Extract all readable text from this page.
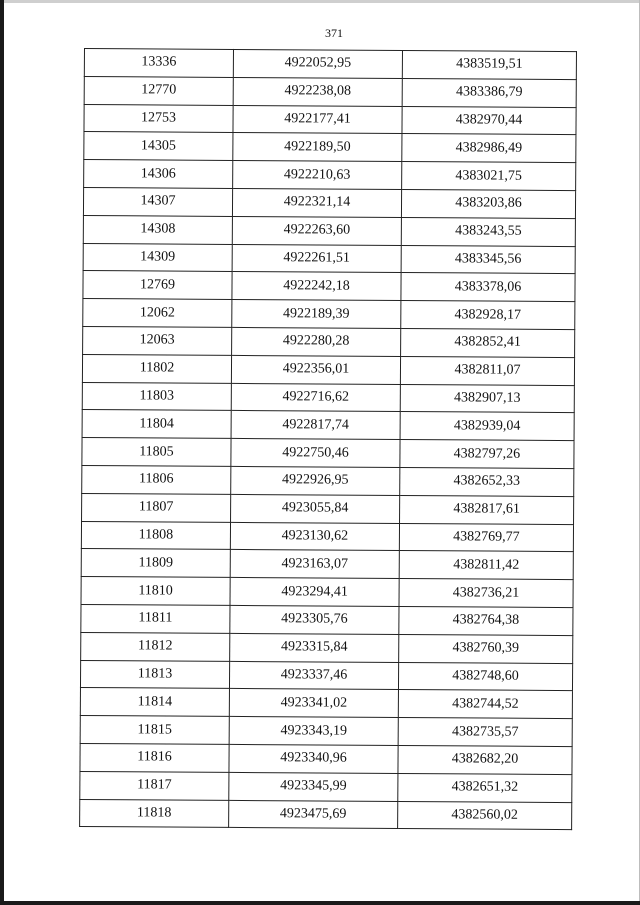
371
13336	4922052,95	4383519,51
12770	4922238,08	4383386,79
12753	4922177,41	4382970,44
14305	4922189,50	4382986,49
14306	4922210,63	4383021,75
14307	4922321,14	4383203,86
14308	4922263,60	4383243,55
14309	4922261,51	4383345,56
12769	4922242,18	4383378,06
12062	4922189,39	4382928,17
12063	4922280,28	4382852,41
11802	4922356,01	4382811,07
11803	4922716,62	4382907,13
11804	4922817,74	4382939,04
11805	4922750,46	4382797,26
11806	4922926,95	4382652,33
11807	4923055,84	4382817,61
11808	4923130,62	4382769,77
11809	4923163,07	4382811,42
11810	4923294,41	4382736,21
11811	4923305,76	4382764,38
11812	4923315,84	4382760,39
11813	4923337,46	4382748,60
11814	4923341,02	4382744,52
11815	4923343,19	4382735,57
11816	4923340,96	4382682,20
11817	4923345,99	4382651,32
11818	4923475,69	4382560,02
